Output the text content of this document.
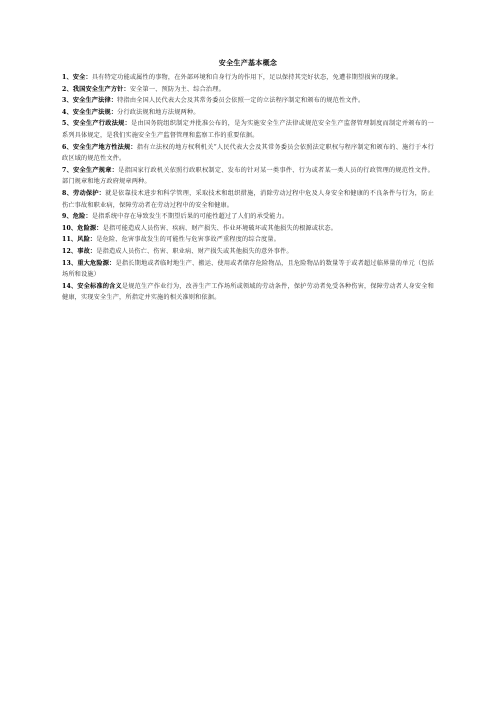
安全生产基本概念
1、安全：具有特定功能或属性的事物，在外部环境和自身行为的作用下，足以保持其完好状态，免遭非期望损害的现象。
2、我国安全生产方针：安全第一、预防为主、综合治理。
3、安全生产法律：特指由全国人民代表大会及其常务委员会依照一定的立法程序制定和颁布的规范性文件。
4、安全生产法规：分行政法规和地方法规两种。
5、安全生产行政法规：是由国务院组织制定并批准公布的，是为实施安全生产法律或规范安全生产监督管理制度而制定并颁布的一系列具体规定，是我们实施安全生产监督管理和监察工作的重要依据。
6、安全生产地方性法规：指有立法权的地方权利机关“人民代表大会及其常务委员会依照法定职权与程序制定和颁布的、施行于本行政区域的规范性文件。
7、安全生产规章：是指国家行政机关依照行政职权制定、发布的针对某一类事件、行为或者某一类人员的行政管理的规范性文件。部门规章和地方政府规章两种。
8、劳动保护：就是依靠技术进步和科学管理，采取技术和组织措施，消除劳动过程中危及人身安全和健康的不良条件与行为，防止伤亡事故和职业病，保障劳动者在劳动过程中的安全和健康。
9、危险：是指系统中存在导致发生不期望后果的可能性超过了人们的承受能力。
10、危险源：是指可能造成人员伤害、疾病、财产损失、作业环境破坏或其他损失的根源或状态。
11、风险：是危险、危害事故发生的可能性与危害事故严重程度的综合度量。
12、事故：是指造成人员伤亡、伤害、职业病、财产损失或其他损失的意外事件。
13、重大危险源：是指长期地或者临时地生产、搬运、使用或者储存危险物品，且危险物品的数量等于或者超过临界量的单元（包括场所和设施）
14、安全标准的含义是规范生产作业行为，改善生产工作场所或领域的劳动条件，保护劳动者免受各种伤害，保障劳动者人身安全和健康，实现安全生产，所指定并实施的相关准则和依据。
